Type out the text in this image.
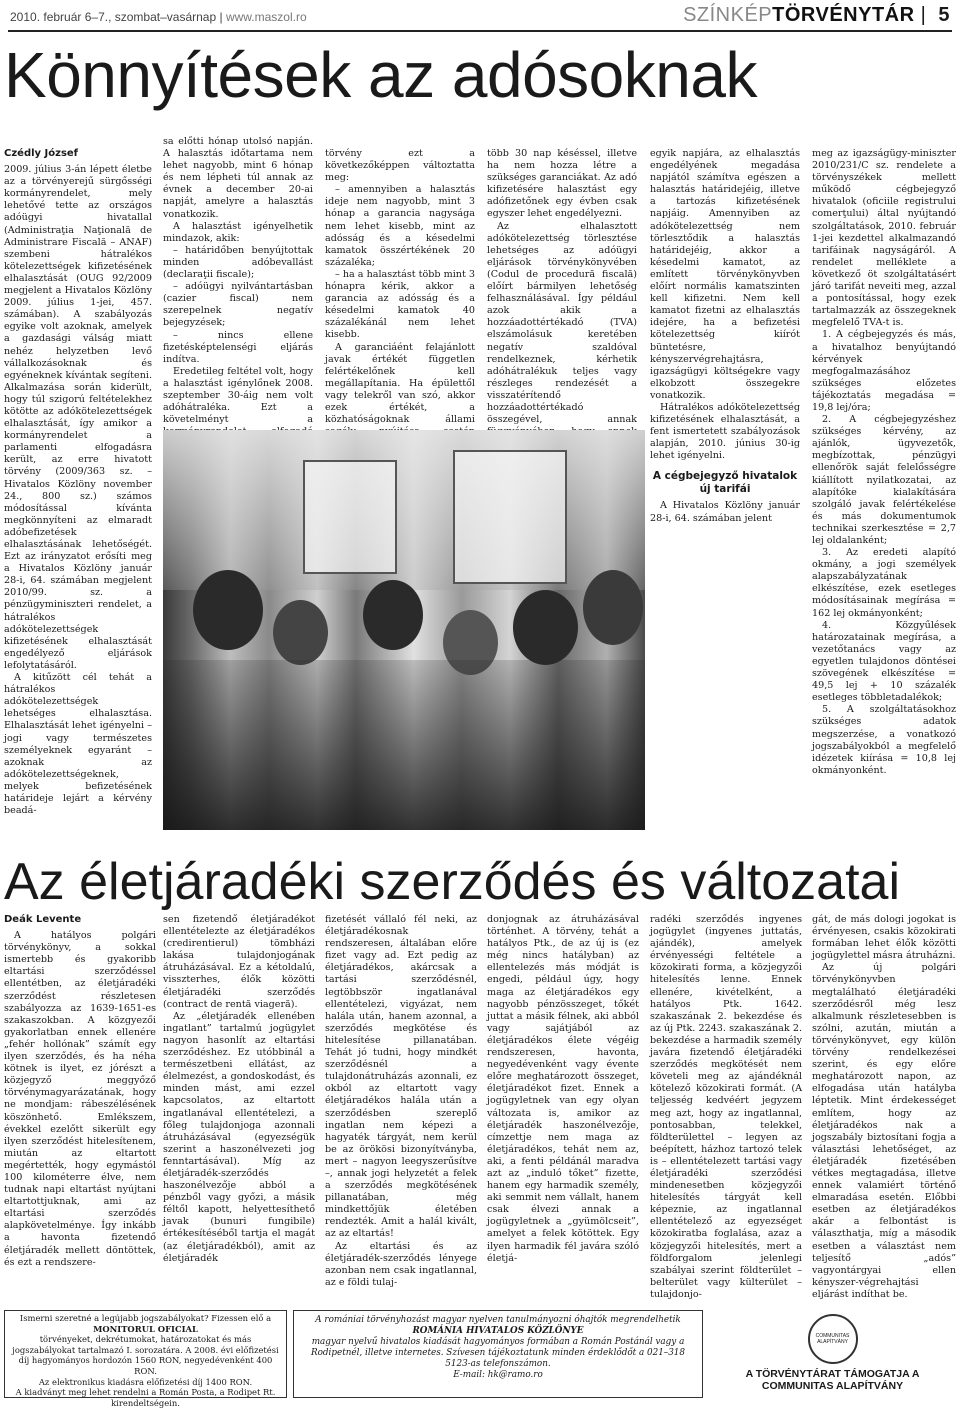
2010. február 6–7., szombat–vasárnap | www.maszol.ro	SZÍNKÉPTÖRVÉNYTÁR | 5
Könnyítések az adósoknak
Czédly József

2009. július 3-án lépett életbe az a törvényerejű sürgősségi kormányrendelet, mely lehetővé tette az országos adóügyi hivatallal (Administraţia Naţională de Administrare Fiscală – ANAF) szembeni hátralékos kötelezettségek kifizetésének elhalasztását (OUG 92/2009 megjelent a Hivatalos Közlöny 2009. július 1-jei, 457. számában). A szabályozás egyike volt azoknak, amelyek a gazdasági válság miatt nehéz helyzetben levő vállalkozásoknak és egyéneknek kívántak segíteni. Alkalmazása során kiderült, hogy túl szigorú feltételekhez kötötte az adókötelezettségek elhalasztását, így amikor a kormányrendelet a parlamenti elfogadásra került, az erre hivatott törvény (2009/363 sz. – Hivatalos Közlöny november 24., 800 sz.) számos módosítással kívánta megkönnyíteni az elmaradt adóbefizetések elhalasztásának lehetőségét. Ezt az irányzatot erősíti meg a Hivatalos Közlöny január 28-i, 64. számában megjelent 2010/99. sz. a pénzügyminiszteri rendelet, a hátralékos adókötelezettségek kifizetésének elhalasztását engedélyező eljárások lefolytatásáról.

A kitűzött cél tehát a hátralékos adókötelezettségek lehetséges elhalasztása. Elhalasztását lehet igényelni – jogi vagy természetes személyeknek egyaránt – azoknak az adókötelezettségeknek, melyek befizetésének határideje lejárt a kérvény beadá-

sa előtti hónap utolsó napján. A halasztás időtartama nem lehet nagyobb, mint 6 hónap és nem lépheti túl annak az évnek a december 20-ai napját, amelyre a halasztás vonatkozik.

A halasztást igényelhetik mindazok, akik:

– határidőben benyújtottak minden adóbevallást (declaraţii fiscale);

– adóügyi nyilvántartásban (cazier fiscal) nem szerepelnek negatív bejegyzések;

– nincs ellene fizetésképtelenségi eljárás indítva.

Eredetileg feltétel volt, hogy a halasztást igénylőnek 2008. szeptember 30-áig nem volt adóhátraléka. Ezt a követelményt a

törvény ezt a következőképpen változtatta meg:

– amennyiben a halasztás ideje nem nagyobb, mint 3 hónap a garancia nagysága nem lehet kisebb, mint az adósság és a késedelmi kamatok összértékének 20 százaléka;

– ha a halasztást több mint 3 hónapra kérik, akkor a garancia az adósság és a késedelmi kamatok 40 százalékánál nem lehet kisebb.

A garanciáént felajánlott javak értékét független felértékelőnek kell megállapítania. Ha épülettől vagy telekről van szó, akkor ezek értékét, a közhatóságoknak állami

több 30 nap késéssel, illetve ha nem hozza létre a szükséges garanciákat. Az adó kifizetésére halasztást egy adófizetőnek egy évben csak egyszer lehet engedélyezni.

Az elhalasztott adókötelezettség törlesztése lehetséges az adóügyi eljárások törvénykönyvében (Codul de procedură fiscală) előírt bármilyen lehetőség felhasználásával. Így például azok akik a hozzáadottértékadó (TVA) elszámolásuk keretében negatív szaldóval rendelkeznek, kérhetik adóhátralékuk teljes vagy részleges rendezését a visszatérítendő hozzáadottértékadó összegével, annak

egyik napjára, az elhalasztás engedélyének megadása napjától számítva egészen a halasztás határidejéig, illetve a tartozás kifizetésének napjáig. Amennyiben az adókötelezettség nem törlesztődik a halasztás határidejéig, akkor a késedelmi kamatot, az említett törvénykönyvben előírt normális kamatszinten kell kifizetni. Nem kell kamatot fizetni az elhalasztás idejére, ha a befizetési kötelezettség kiírót büntetésre, kényszervégrehajtásra, igazságügyi költségekre vagy elkobzott összegekre vonatkozik.

Hátralékos adókötelezettség kifizetésének elhalasztását, a fent ismertetett szabályozások alapján, 2010. június 30-ig lehet igényelni.

A cégbejegyző hivatalok új tarifái

A Hivatalos Közlöny január 28-i, 64. számában jelent

meg az igazságügy-miniszter 2010/231/C sz. rendelete a törvényszékek mellett működő cégbejegyző hivatalok (oficiile registrului comerţului) által nyújtandó szolgáltatások, 2010. február 1-jei kezdettel alkalmazandó tarifáinak nagyságáról. A rendelet melléklete a következő öt szolgáltatásért járó tarifát neveiti meg, azzal a pontosítással, hogy ezek tartalmazzák az összegeknek megfelelő TVA-t is.

1. A cégbejegyzés és más, a hivatalhoz benyújtandó kérvények megfogalmazásához szükséges előzetes tájékoztatás megadása = 19,8 lej/óra;

2. A cégbejegyzéshez szükséges kérvény, az ajánlók, ügyvezetők, megbízottak, pénzügyi ellenőrök saját felelősségre kiállított nyilatkozatai, az alapítóke kialakítására szolgáló javak felértékelése és más dokumentumok technikai szerkesztése = 2,7 lej oldalanként;

3. Az eredeti alapító okmány, a jogi személyek alapszabályzatának elkészítése, ezek esetleges módosításainak megírása = 162 lej okmányonként;

4. Közgyűlések határozatainak megírása, a vezetőtanács vagy az egyetlen tulajdonos döntései szövegének elkészítése = 49,5 lej + 10 százalék esetleges többletadalékok;

5. A szolgáltatásokhoz szükséges adatok megszerzése, a vonatkozó jogszabályokból a megfelelő idézetek kiírása = 10,8 lej okmányonként.

Az életjáradéki szerződés és változatai
Deák Levente

A hatályos polgári törvénykönyv, a sokkal ismertebb és gyakoribb eltartási szerződéssel ellentétben, az életjáradéki szerződést részletesen szabályozza az 1639-1651-es szakaszokban. A közgyezői gyakorlatban ennek ellenére „fehér hollónak” számít egy ilyen szerződés, és ha néha kötnek is ilyet, ez jórészt a közjegyző meggyőző törvénymagyarázatának, hogy ne mondjam: rábeszélésének köszönhető. Emlékszem, évekkel ezelőtt sikerült egy ilyen szerződést hitelesítenem, miután az eltartott megértették, hogy egymástól 100 kilométerre élve, nem tudnak napi eltartást nyújtani eltartottjuknak, ami az eltartási szerződés alapkövetelménye. Így inkább a havonta fizetendő életjáradék mellett döntöttek, és ezt a rendszere-

sen fizetendő életjáradékot ellentételezte az életjáradékos (credirentierul) tömbházi lakása tulajdonjogának átruházásával. Ez a kétoldalú, visszterhes, élők közötti életjáradéki szerződés (contract de rentă viageră).

Az „életjáradék ellenében ingatlant” tartalmú jogügylet nagyon hasonlít az eltartási szerződéshez. Ez utóbbinál a természetbeni ellátást, az élelmezést, a gondoskodást, és minden mást, ami ezzel kapcsolatos, az eltartott ingatlanával ellentételezi, a főleg tulajdonjoga azonnali átruházásával (egyezségük szerint a haszonélvezeti jog fenntartásával). Míg az életjáradék-szerződés haszonélvezője abból a pénzből vagy győzi, a másik féltől kapott, helyettesíthető javak (bunuri fungibile) értékesítéséből tartja el magát (az életjáradékból), amit az életjáradék

fizetését vállaló fél neki, az életjáradékosnak rendszeresen, általában előre fizet vagy ad. Ezt pedig az életjáradékos, akárcsak a tartási szerződésnél, legtöbbször ingatlanával ellentételezi, vigyázat, nem halála után, hanem azonnal, a szerződés megkötése és hitelesítése pillanatában. Tehát jó tudni, hogy mindkét szerződésnél a tulajdonátruházás azonnali, ez okból az eltartott vagy életjáradékos halála után a szerződésben szereplő ingatlan nem képezi a hagyaték tárgyát, nem kerül be az örökösi bizonyítványba, mert – nagyon leegyszerűsítve –, annak jogi helyzetét a felek a szerződés megkötésének pillanatában, még mindkettőjük életében rendezték. Amit a halál kivált, az az eltartás!

Az eltartási és az életjáradék-szerződés lényege azonban nem csak ingatlannal, az e földi tulaj-

donjognak az átruházásával történhet. A törvény, tehát a hatályos Ptk., de az új is (ez még nincs hatályban) az ellentelezés más módját is engedi, például úgy, hogy maga az életjáradékos egy nagyobb pénzösszeget, tőkét juttat a másik félnek, aki abból vagy sajátjából az életjáradékos élete végéig rendszeresen, havonta, negyedévenként vagy évente előre meghatározott összeget, életjáradékot fizet. Ennek a jogügyletnek van egy olyan változata is, amikor az életjáradék haszonélvezője, címzettje nem maga az életjáradékos, tehát nem az, aki, a fenti példánál maradva azt az „induló tőket” fizette, hanem egy harmadik személy, aki semmit nem vállalt, hanem csak élvezi annak a jogügyletnek a „gyümölcseit”, amelyet a felek kötöttek. Egy ilyen harmadik fél javára szóló életjá-

radéki szerződés ingyenes jogügylet (ingyenes juttatás, ajándék), amelyek érvényességi feltétele a közokirati forma, a közjegyzői hitelesítés lenne. Ennek ellenére, kivételként, a hatályos Ptk. 1642. szakaszának 2. bekezdése és az új Ptk. 2243. szakaszának 2. bekezdése a harmadik személy javára fizetendő életjáradéki szerződés megkötését nem követeli meg az ajándéknál kötelező közokirati formát. (A teljesség kedvéért jegyzem meg azt, hogy az ingatlannal, pontosabban, telekkel, földterülettel – legyen az beépített, házhoz tartozó telek is – ellentételezett tartási vagy életjáradéki szerződési mindenesetben közjegyzői hitelesítés tárgyát kell képeznie, az ingatlannal ellentételező az egyezséget közokiratba foglalása, azaz a közjegyzői hitelesítés, mert a földforgalom jelenlegi szabályai szerint földterület – belterület vagy külterület – tulajdonjo-

gát, de más dologi jogokat is érvényesen, csakis közokirati formában lehet élők közötti jogügylettel másra átruházni.

Az új polgári törvénykönyvben megtalálható életjáradéki szerződésről még lesz alkalmunk részletesebben is szólni, azután, miután a törvénykönyvet, egy külön törvény rendelkezései szerint, és egy előre meghatározott napon, az elfogadása után hatályba léptetik. Mint érdekességet említem, hogy az életjáradékos nak a jogszabály biztosítani fogja a választási lehetőséget, az életjáradék fizetésében vétkes megtagadása, illetve ennek valamiért történő elmaradása esetén. Előbbi esetben az életjáradékos akár a felbontást is választhatja, míg a második esetben a választást nem teljesítő „adós” vagyontárgyai ellen kényszer-végrehajtási eljárást indíthat be.

Ismerni szeretné a legújabb jogszabályokat? Fizessen elő a
MONITORUL OFICIAL
törvényeket, dekrétumokat, határozatokat és más jogszabályokat tartalmazó I. sorozatára. A 2008. évi előfizetési díj hagyományos hordozón 1560 RON, negyedévenként 400 RON.
Az elektronikus kiadásra előfizetési díj 1400 RON.
A kiadványt meg lehet rendelni a Román Posta, a Rodipet Rt. kirendeltségein.
A romániai törvényhozást magyar nyelven tanulmányozni óhajtók megrendelhetik
ROMÁNIA HIVATALOS KÖZLÖNYE
magyar nyelvű hivatalos kiadását hagyományos formában a Román Postánál vagy a Rodipetnél, illetve internetes. Szívesen tájékoztatunk minden érdeklődőt a 021–318 5123-as telefonszámon.
E-mail: hk@ramo.ro
COMMUNITAS ALAPÍTVÁNY
A TÖRVÉNYTÁRAT TÁMOGATJA A COMMUNITAS ALAPÍTVÁNY
